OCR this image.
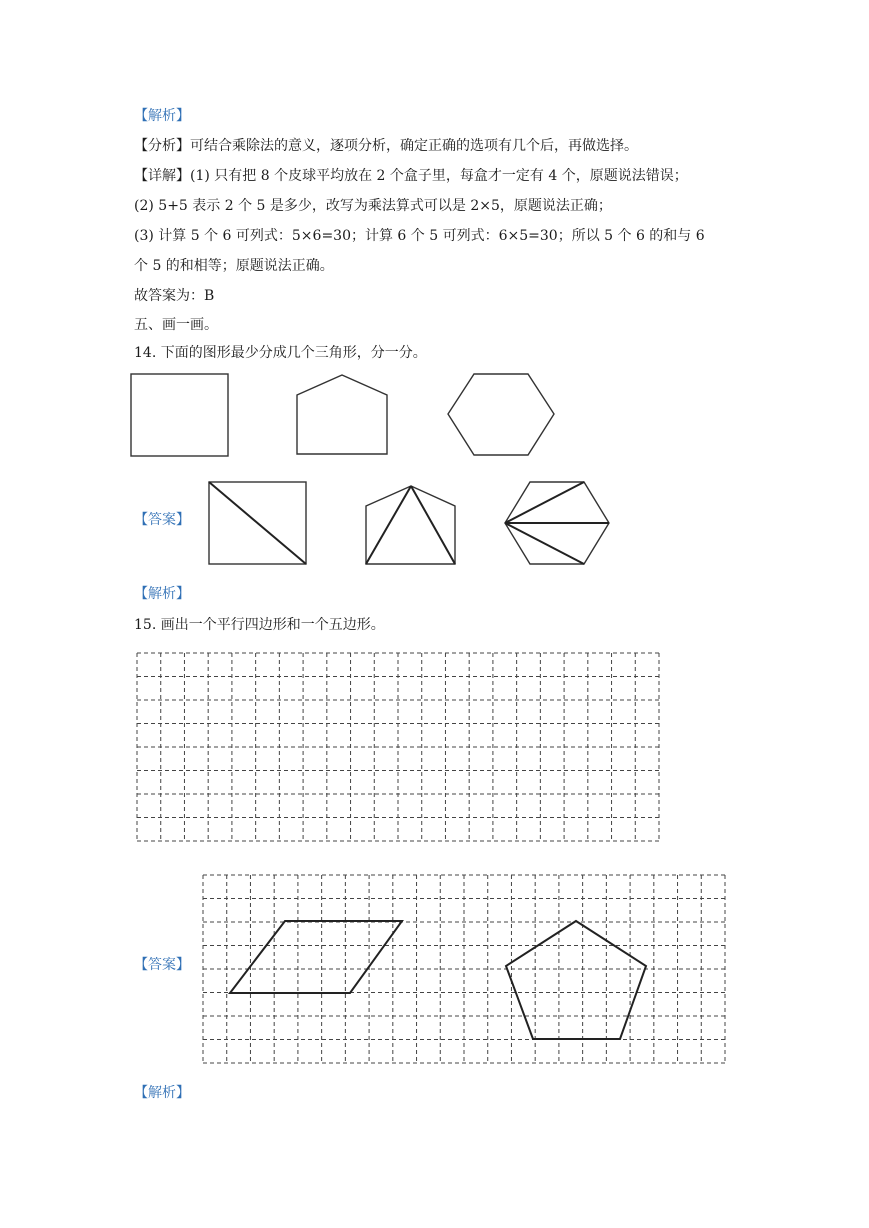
【解析】
【分析】可结合乘除法的意义，逐项分析，确定正确的选项有几个后，再做选择。
【详解】(1) 只有把 8 个皮球平均放在 2 个盒子里，每盒才一定有 4 个，原题说法错误；
(2) 5+5 表示 2 个 5 是多少，改写为乘法算式可以是 2×5，原题说法正确；
(3) 计算 5 个 6 可列式：5×6=30；计算 6 个 5 可列式：6×5=30；所以 5 个 6 的和与 6
个 5 的和相等；原题说法正确。
故答案为：B
五、画一画。
14. 下面的图形最少分成几个三角形，分一分。
【答案】
【解析】
15. 画出一个平行四边形和一个五边形。
【答案】
【解析】
